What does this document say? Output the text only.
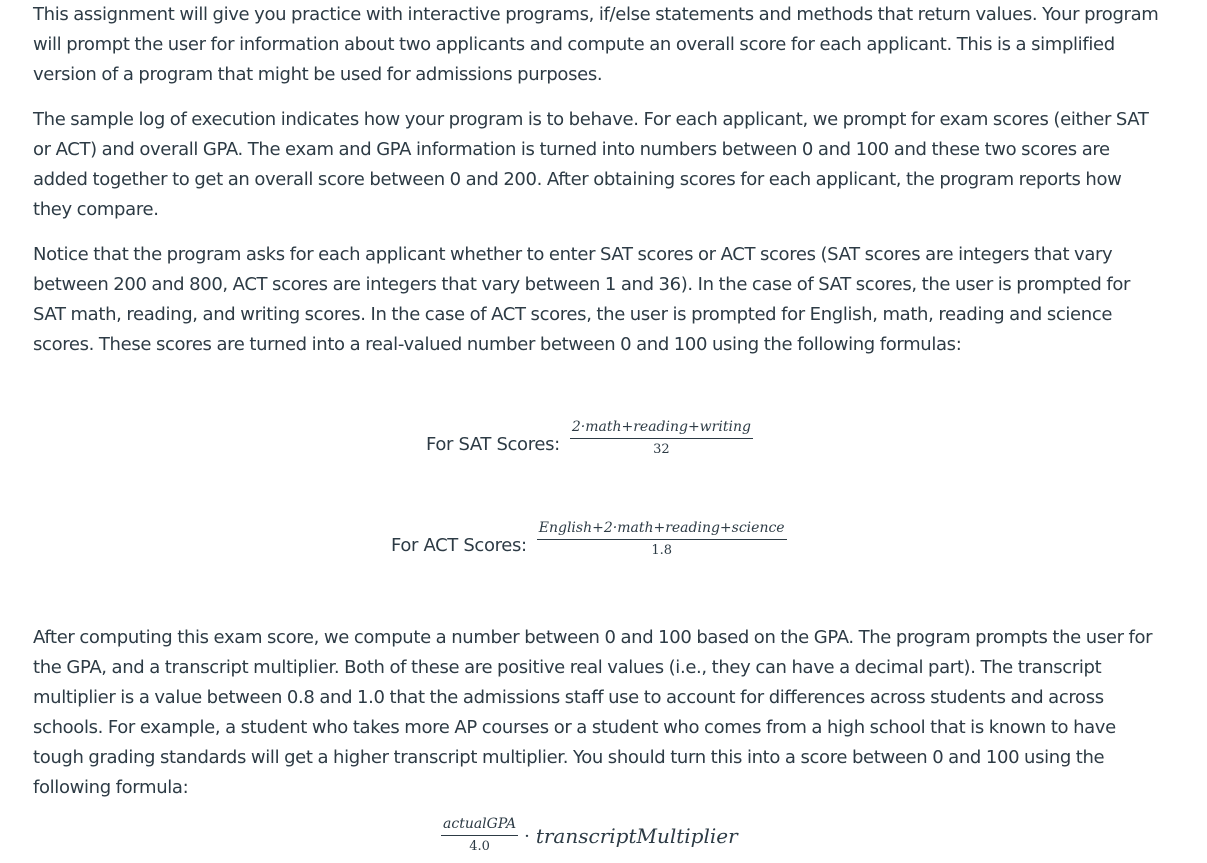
This assignment will give you practice with interactive programs, if/else statements and methods that return values. Your program will prompt the user for information about two applicants and compute an overall score for each applicant. This is a simplified version of a program that might be used for admissions purposes.

The sample log of execution indicates how your program is to behave. For each applicant, we prompt for exam scores (either SAT or ACT) and overall GPA. The exam and GPA information is turned into numbers between 0 and 100 and these two scores are added together to get an overall score between 0 and 200. After obtaining scores for each applicant, the program reports how they compare.

Notice that the program asks for each applicant whether to enter SAT scores or ACT scores (SAT scores are integers that vary between 200 and 800, ACT scores are integers that vary between 1 and 36). In the case of SAT scores, the user is prompted for SAT math, reading, and writing scores. In the case of ACT scores, the user is prompted for English, math, reading and science scores. These scores are turned into a real-valued number between 0 and 100 using the following formulas:

After computing this exam score, we compute a number between 0 and 100 based on the GPA. The program prompts the user for the GPA, and a transcript multiplier. Both of these are positive real values (i.e., they can have a decimal part). The transcript multiplier is a value between 0.8 and 1.0 that the admissions staff use to account for differences across students and across schools. For example, a student who takes more AP courses or a student who comes from a high school that is known to have tough grading standards will get a higher transcript multiplier. You should turn this into a score between 0 and 100 using the following formula:

For SAT Scores: $\frac{\text{2·math+reading+writing}}{32}$
For ACT Scores: $\frac{\text{English+2·math+reading+science}}{1.8}$
$\frac{\text{actualGPA}}{4.0}$ · transcriptMultiplier
